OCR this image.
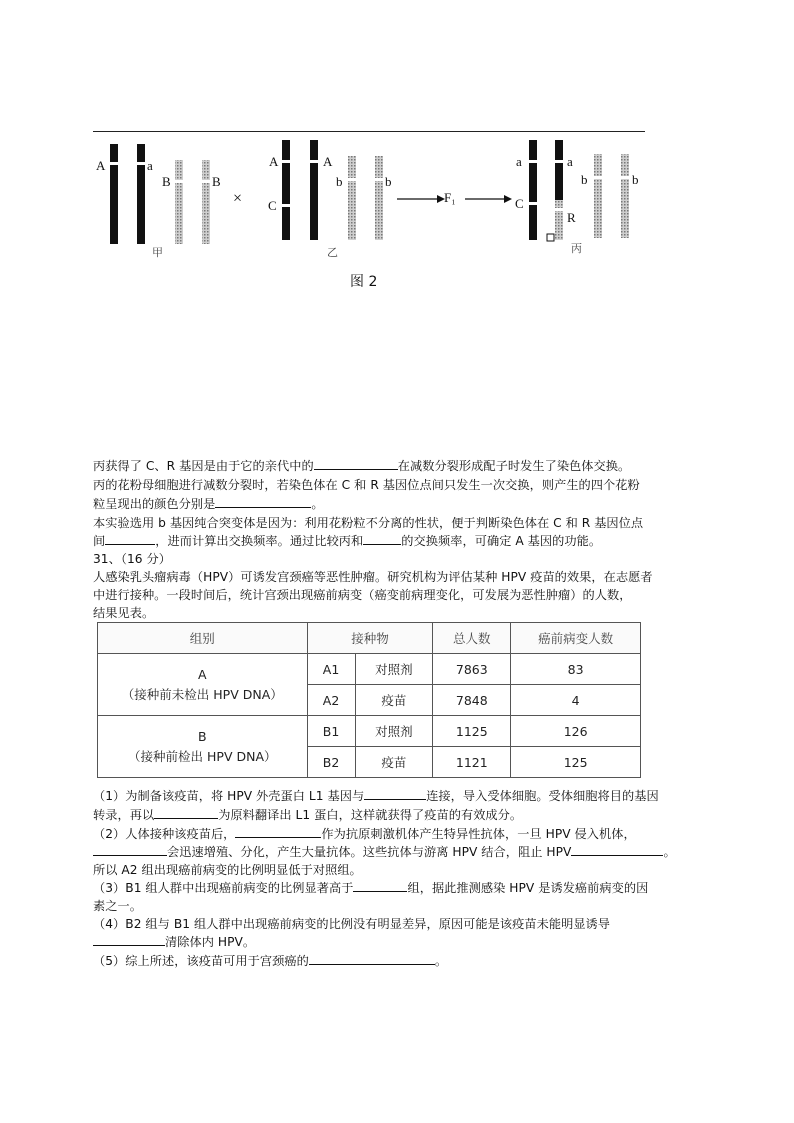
A	a
B	B
甲
×
A	A
C
b	b
乙
F₁
a	a
C
R
b	b
丙
图 2
丙获得了 C、R 基因是由于它的亲代中的	在减数分裂形成配子时发生了染色体交换。
丙的花粉母细胞进行减数分裂时，若染色体在 C 和 R 基因位点间只发生一次交换，则产生的四个花粉
粒呈现出的颜色分别是	。
本实验选用 b 基因纯合突变体是因为：利用花粉粒不分离的性状，便于判断染色体在 C 和 R 基因位点
间	，进而计算出交换频率。通过比较丙和	的交换频率，可确定 A 基因的功能。
31、（16 分）
人感染乳头瘤病毒（HPV）可诱发宫颈癌等恶性肿瘤。研究机构为评估某种 HPV 疫苗的效果，在志愿者
中进行接种。一段时间后，统计宫颈出现癌前病变（癌变前病理变化，可发展为恶性肿瘤）的人数，
结果见表。
组别	接种物		总人数	癌前病变人数

A
（接种前未检出 HPV DNA）	A1	对照剂	7863	83
	A2	疫苗	7848	4

B
（接种前检出 HPV DNA）	B1	对照剂	1125	126
	B2	疫苗	1121	125
（1）为制备该疫苗，将 HPV 外壳蛋白 L1 基因与	连接，导入受体细胞。受体细胞将目的基因
转录，再以	为原料翻译出 L1 蛋白，这样就获得了疫苗的有效成分。
（2）人体接种该疫苗后，	作为抗原刺激机体产生特异性抗体，一旦 HPV 侵入机体，
会迅速增殖、分化，产生大量抗体。这些抗体与游离 HPV 结合，阻止 HPV	。
所以 A2 组出现癌前病变的比例明显低于对照组。
（3）B1 组人群中出现癌前病变的比例显著高于	组，据此推测感染 HPV 是诱发癌前病变的因
素之一。
（4）B2 组与 B1 组人群中出现癌前病变的比例没有明显差异，原因可能是该疫苗未能明显诱导
清除体内 HPV。
（5）综上所述，该疫苗可用于宫颈癌的	。
